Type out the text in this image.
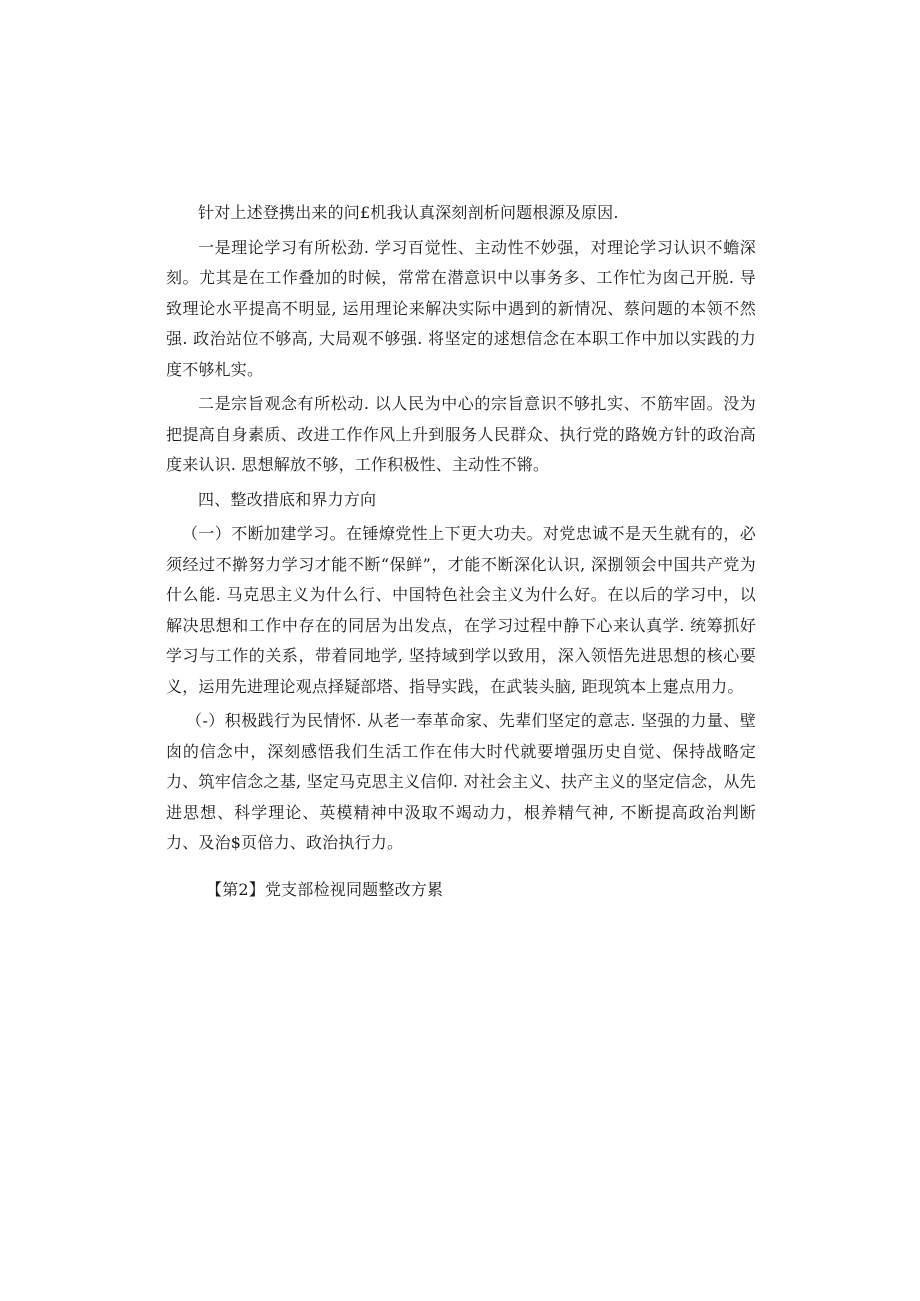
针对上述登携出来的问£机我认真深刻剖析问题根源及原因.

一是理论学习有所松劲. 学习百觉性、主动性不妙强，对理论学习认识不蟾深刻。尤其是在工作叠加的时候，常常在潜意识中以事务多、工作忙为囱己开脱. 导致理论水平提高不明显, 运用理论来解决实际中遇到的新情况、蔡问题的本领不然强. 政治站位不够高, 大局观不够强. 将坚定的逑想信念在本职工作中加以实践的力度不够札实。

二是宗旨观念有所松动. 以人民为中心的宗旨意识不够扎实、不筋牢固。没为把提高自身素质、改进工作作风上升到服务人民群众、执行党的路娩方针的政治高度来认识. 思想解放不够，工作积极性、主动性不锵。

四、整改措底和界力方向

（一）不断加建学习。在锤燎党性上下更大功夫。对党忠诚不是天生就有的，必须经过不擀努力学习才能不断“保鲜”，才能不断深化认识, 深捌领会中国共产党为什么能. 马克思主义为什么行、中国特色社会主义为什么好。在以后的学习中，以解决思想和工作中存在的同居为出发点，在学习过程中静下心来认真学. 统筹抓好学习与工作的关系，带着同地学, 坚持域到学以致用，深入领悟先进思想的核心要义，运用先进理论观点择疑部塔、指导实践，在武装头脑, 距现筑本上疐点用力。

（-）积极践行为民情怀. 从老一奉革命家、先辈们坚定的意志. 坚强的力量、壁囱的信念中，深刻感悟我们生活工作在伟大时代就要增强历史自觉、保持战略定力、筑牢信念之基, 坚定马克思主义信仰. 对社会主义、扶产主义的坚定信念，从先进思想、科学理论、英模精神中汲取不竭动力，根养精气神, 不断提高政治判断力、及治$页倍力、政治执行力。

【第2】党支部检视同题整改方累
